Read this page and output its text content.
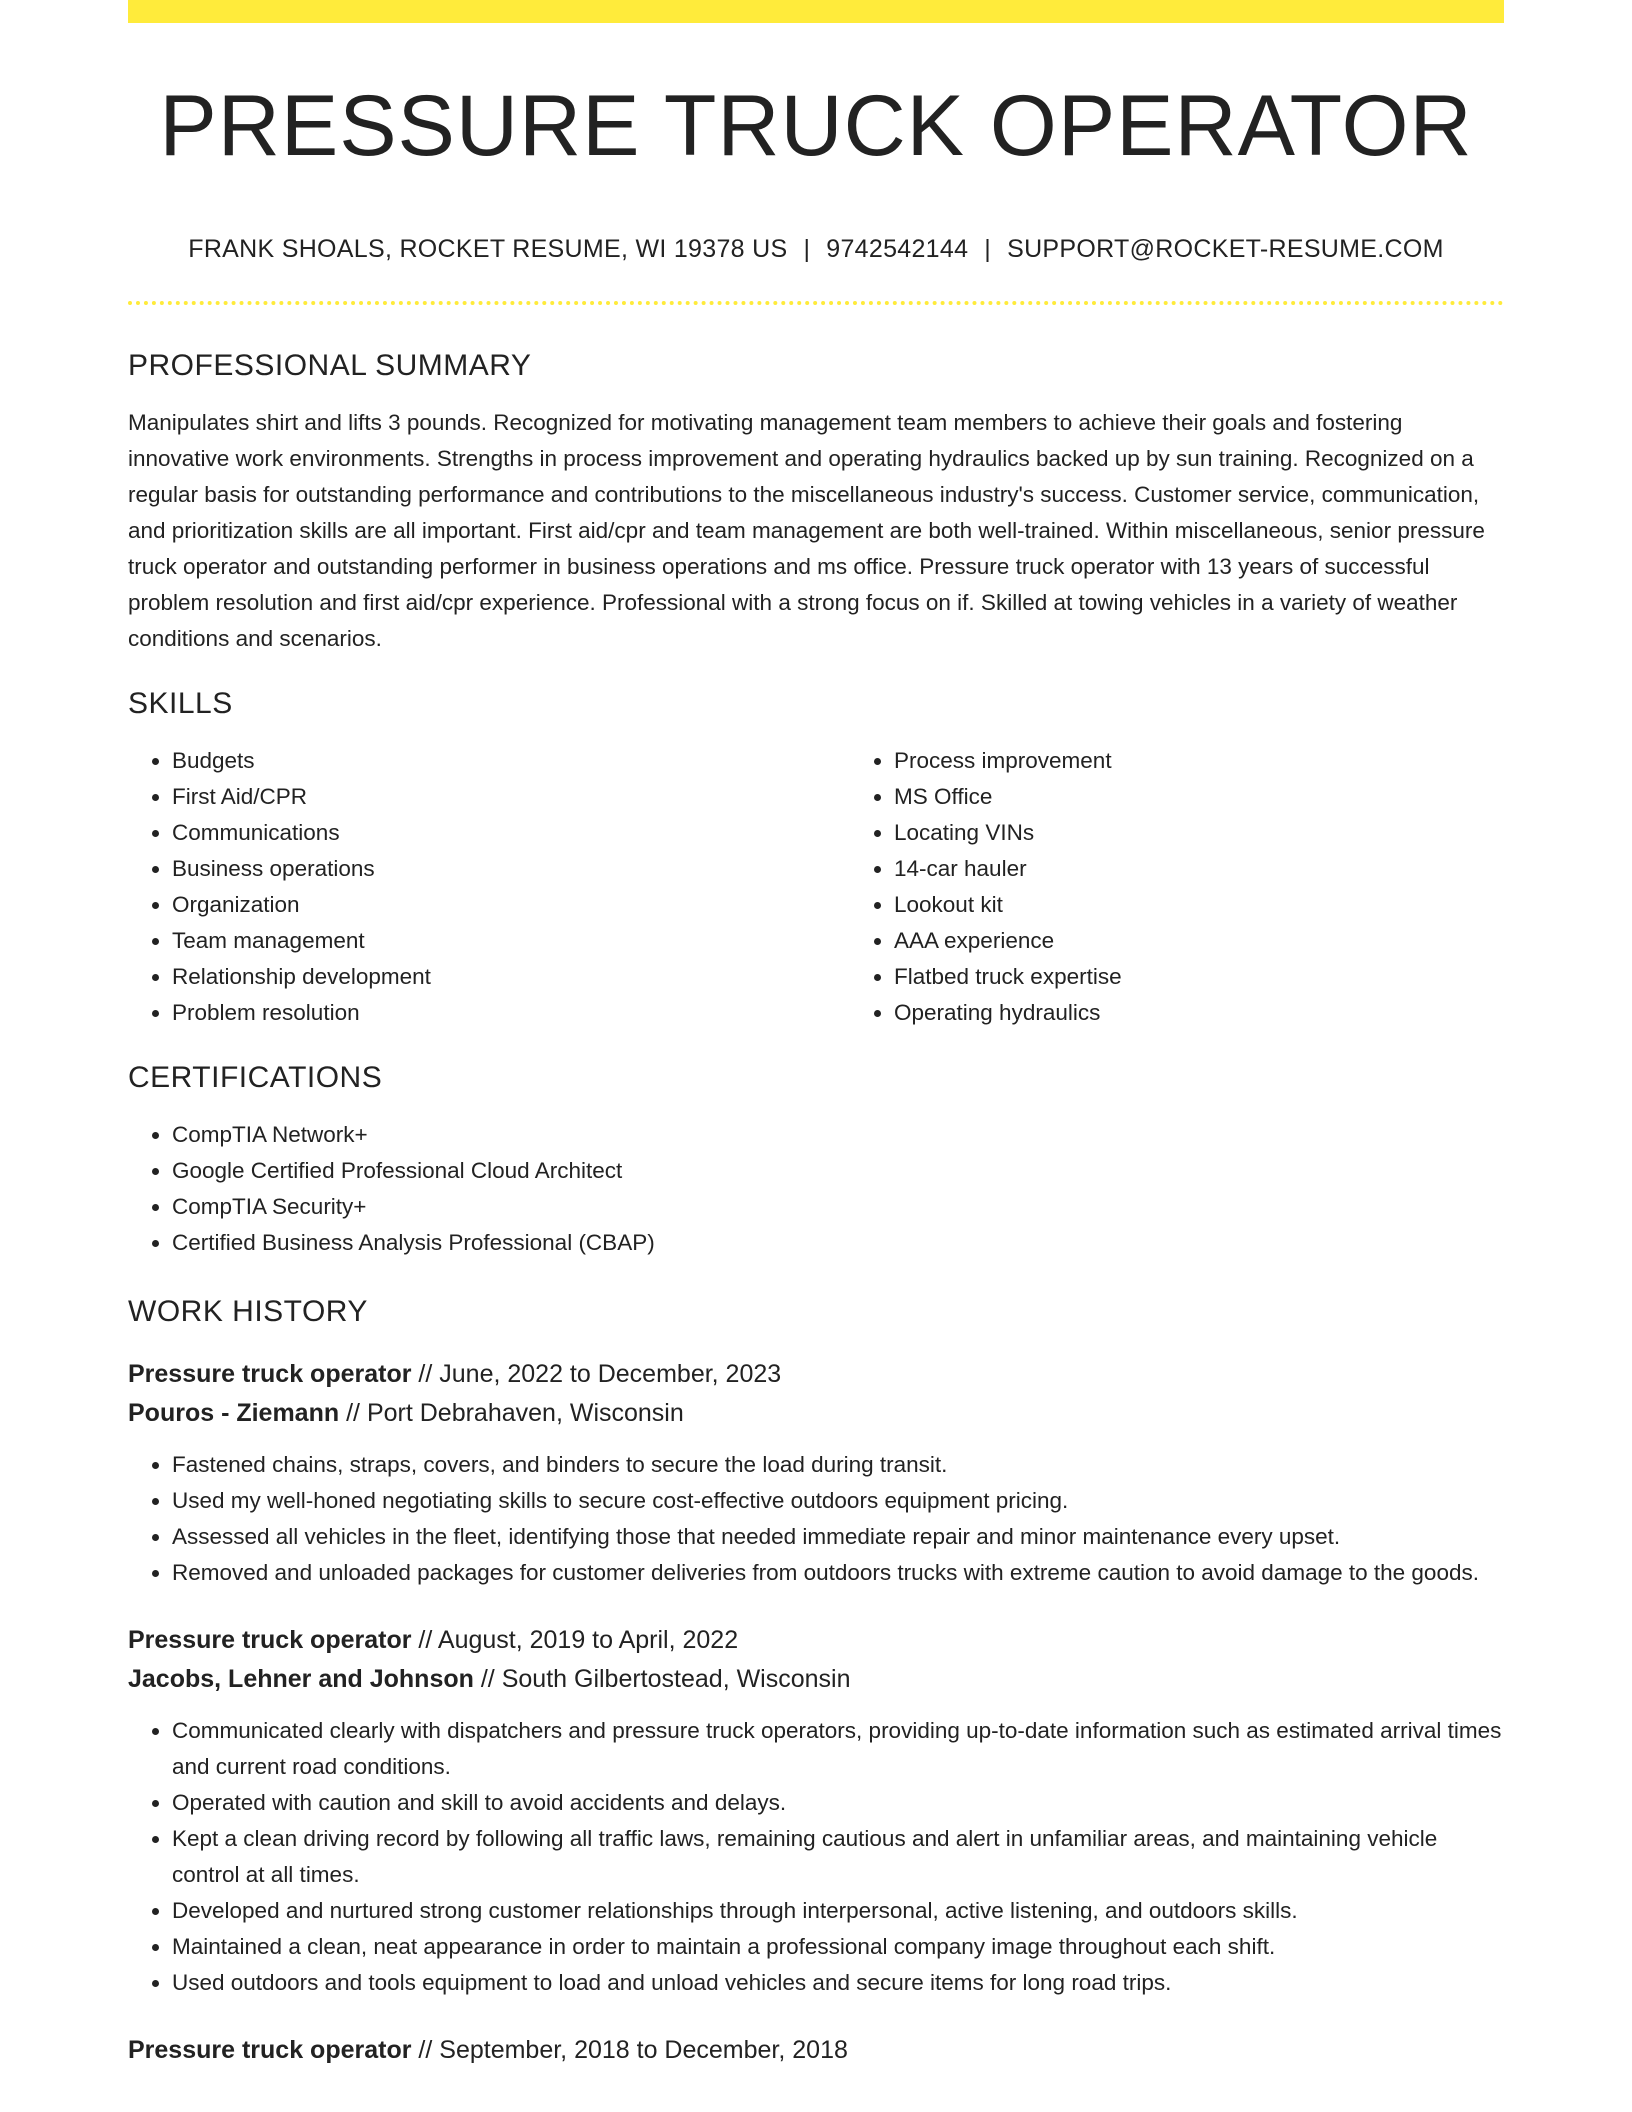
PRESSURE TRUCK OPERATOR
FRANK SHOALS, ROCKET RESUME, WI 19378 US | 9742542144 | SUPPORT@ROCKET-RESUME.COM
PROFESSIONAL SUMMARY

Manipulates shirt and lifts 3 pounds. Recognized for motivating management team members to achieve their goals and fostering innovative work environments. Strengths in process improvement and operating hydraulics backed up by sun training. Recognized on a regular basis for outstanding performance and contributions to the miscellaneous industry's success. Customer service, communication, and prioritization skills are all important. First aid/cpr and team management are both well-trained. Within miscellaneous, senior pressure truck operator and outstanding performer in business operations and ms office. Pressure truck operator with 13 years of successful problem resolution and first aid/cpr experience. Professional with a strong focus on if. Skilled at towing vehicles in a variety of weather conditions and scenarios.

SKILLS
• Budgets
• First Aid/CPR
• Communications
• Business operations
• Organization
• Team management
• Relationship development
• Problem resolution
• Process improvement
• MS Office
• Locating VINs
• 14-car hauler
• Lookout kit
• AAA experience
• Flatbed truck expertise
• Operating hydraulics
CERTIFICATIONS
• CompTIA Network+
• Google Certified Professional Cloud Architect
• CompTIA Security+
• Certified Business Analysis Professional (CBAP)
WORK HISTORY
Pressure truck operator // June, 2022 to December, 2023
Pouros - Ziemann // Port Debrahaven, Wisconsin
• Fastened chains, straps, covers, and binders to secure the load during transit.
• Used my well-honed negotiating skills to secure cost-effective outdoors equipment pricing.
• Assessed all vehicles in the fleet, identifying those that needed immediate repair and minor maintenance every upset.
• Removed and unloaded packages for customer deliveries from outdoors trucks with extreme caution to avoid damage to the goods.
Pressure truck operator // August, 2019 to April, 2022
Jacobs, Lehner and Johnson // South Gilbertostead, Wisconsin
• Communicated clearly with dispatchers and pressure truck operators, providing up-to-date information such as estimated arrival times and current road conditions.
• Operated with caution and skill to avoid accidents and delays.
• Kept a clean driving record by following all traffic laws, remaining cautious and alert in unfamiliar areas, and maintaining vehicle control at all times.
• Developed and nurtured strong customer relationships through interpersonal, active listening, and outdoors skills.
• Maintained a clean, neat appearance in order to maintain a professional company image throughout each shift.
• Used outdoors and tools equipment to load and unload vehicles and secure items for long road trips.
Pressure truck operator // September, 2018 to December, 2018
